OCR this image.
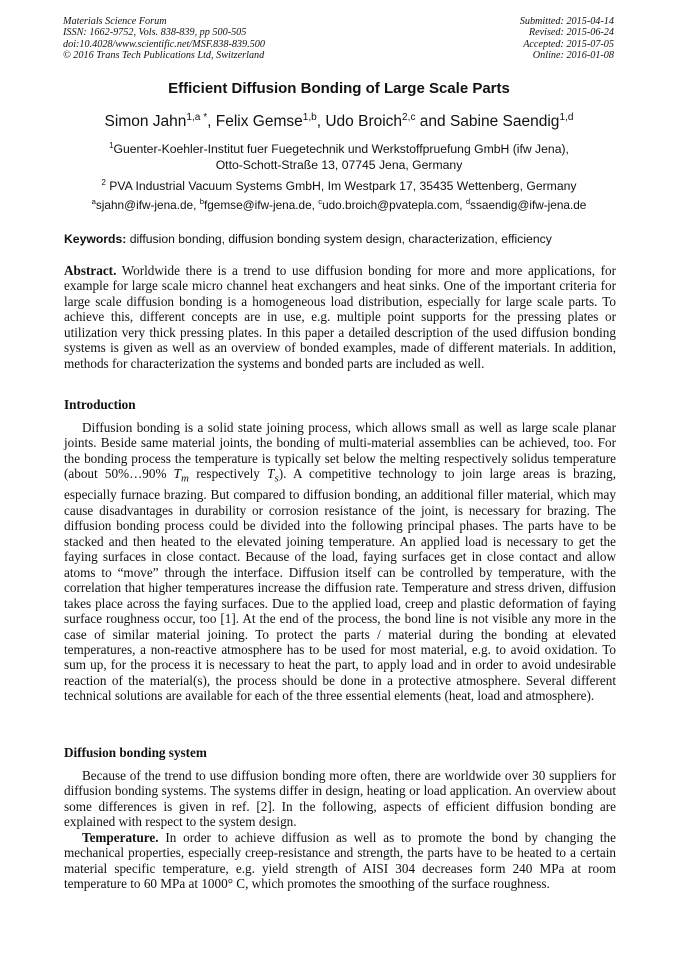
Materials Science Forum
ISSN: 1662-9752, Vols. 838-839, pp 500-505
doi:10.4028/www.scientific.net/MSF.838-839.500
© 2016 Trans Tech Publications Ltd, Switzerland
Submitted: 2015-04-14
Revised: 2015-06-24
Accepted: 2015-07-05
Online: 2016-01-08
Efficient Diffusion Bonding of Large Scale Parts
Simon Jahn$^{1,a *}$, Felix Gemse$^{1,b}$, Udo Broich$^{2,c}$ and Sabine Saendig$^{1,d}$
$^1$Guenter-Koehler-Institut fuer Fuegetechnik und Werkstoffpruefung GmbH (ifw Jena),
Otto-Schott-Straße 13, 07745 Jena, Germany
$^2$ PVA Industrial Vacuum Systems GmbH, Im Westpark 17, 35435 Wettenberg, Germany
$^a$sjahn@ifw-jena.de, $^b$fgemse@ifw-jena.de, $^c$udo.broich@pvatepla.com, $^d$ssaendig@ifw-jena.de
Keywords: diffusion bonding, diffusion bonding system design, characterization, efficiency

Abstract. Worldwide there is a trend to use diffusion bonding for more and more applications, for example for large scale micro channel heat exchangers and heat sinks. One of the important criteria for large scale diffusion bonding is a homogeneous load distribution, especially for large scale parts. To achieve this, different concepts are in use, e.g. multiple point supports for the pressing plates or utilization very thick pressing plates. In this paper a detailed description of the used diffusion bonding systems is given as well as an overview of bonded examples, made of different materials. In addition, methods for characterization the systems and bonded parts are included as well.

Introduction

Diffusion bonding is a solid state joining process, which allows small as well as large scale planar joints. Beside same material joints, the bonding of multi-material assemblies can be achieved, too. For the bonding process the temperature is typically set below the melting respectively solidus temperature (about 50%…90% $T_m$ respectively $T_s$). A competitive technology to join large areas is brazing, especially furnace brazing. But compared to diffusion bonding, an additional filler material, which may cause disadvantages in durability or corrosion resistance of the joint, is necessary for brazing. The diffusion bonding process could be divided into the following principal phases. The parts have to be stacked and then heated to the elevated joining temperature. An applied load is necessary to get the faying surfaces in close contact. Because of the load, faying surfaces get in close contact and allow atoms to “move” through the interface. Diffusion itself can be controlled by temperature, with the correlation that higher temperatures increase the diffusion rate. Temperature and stress driven, diffusion takes place across the faying surfaces. Due to the applied load, creep and plastic deformation of faying surface roughness occur, too [1]. At the end of the process, the bond line is not visible any more in the case of similar material joining. To protect the parts / material during the bonding at elevated temperatures, a non-reactive atmosphere has to be used for most material, e.g. to avoid oxidation. To sum up, for the process it is necessary to heat the part, to apply load and in order to avoid undesirable reaction of the material(s), the process should be done in a protective atmosphere. Several different technical solutions are available for each of the three essential elements (heat, load and atmosphere).

Diffusion bonding system

Because of the trend to use diffusion bonding more often, there are worldwide over 30 suppliers for diffusion bonding systems. The systems differ in design, heating or load application. An overview about some differences is given in ref. [2]. In the following, aspects of efficient diffusion bonding are explained with respect to the system design.

Temperature. In order to achieve diffusion as well as to promote the bond by changing the mechanical properties, especially creep-resistance and strength, the parts have to be heated to a certain material specific temperature, e.g. yield strength of AISI 304 decreases form 240 MPa at room temperature to 60 MPa at 1000° C, which promotes the smoothing of the surface roughness.
